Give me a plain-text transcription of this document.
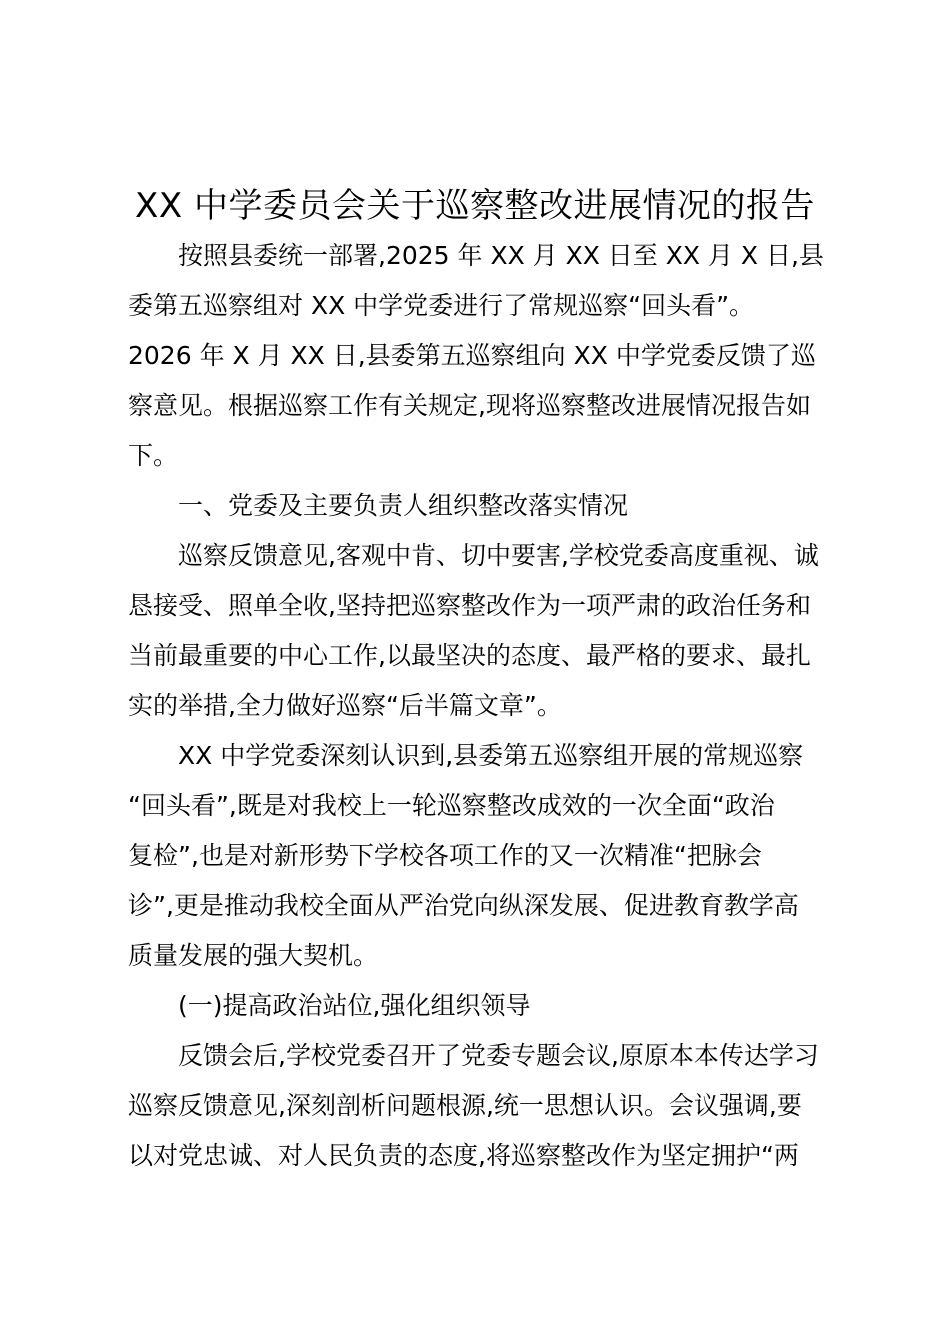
XX 中学委员会关于巡察整改进展情况的报告
按照县委统一部署,2025 年 XX 月 XX 日至 XX 月 X 日,县
委第五巡察组对 XX 中学党委进行了常规巡察“回头看”。
2026 年 X 月 XX 日,县委第五巡察组向 XX 中学党委反馈了巡
察意见。根据巡察工作有关规定,现将巡察整改进展情况报告如
下。
一、党委及主要负责人组织整改落实情况
巡察反馈意见,客观中肯、切中要害,学校党委高度重视、诚
恳接受、照单全收,坚持把巡察整改作为一项严肃的政治任务和
当前最重要的中心工作,以最坚决的态度、最严格的要求、最扎
实的举措,全力做好巡察“后半篇文章”。
XX 中学党委深刻认识到,县委第五巡察组开展的常规巡察
“回头看”,既是对我校上一轮巡察整改成效的一次全面“政治
复检”,也是对新形势下学校各项工作的又一次精准“把脉会
诊”,更是推动我校全面从严治党向纵深发展、促进教育教学高
质量发展的强大契机。
(一)提高政治站位,强化组织领导
反馈会后,学校党委召开了党委专题会议,原原本本传达学习
巡察反馈意见,深刻剖析问题根源,统一思想认识。会议强调,要
以对党忠诚、对人民负责的态度,将巡察整改作为坚定拥护“两
